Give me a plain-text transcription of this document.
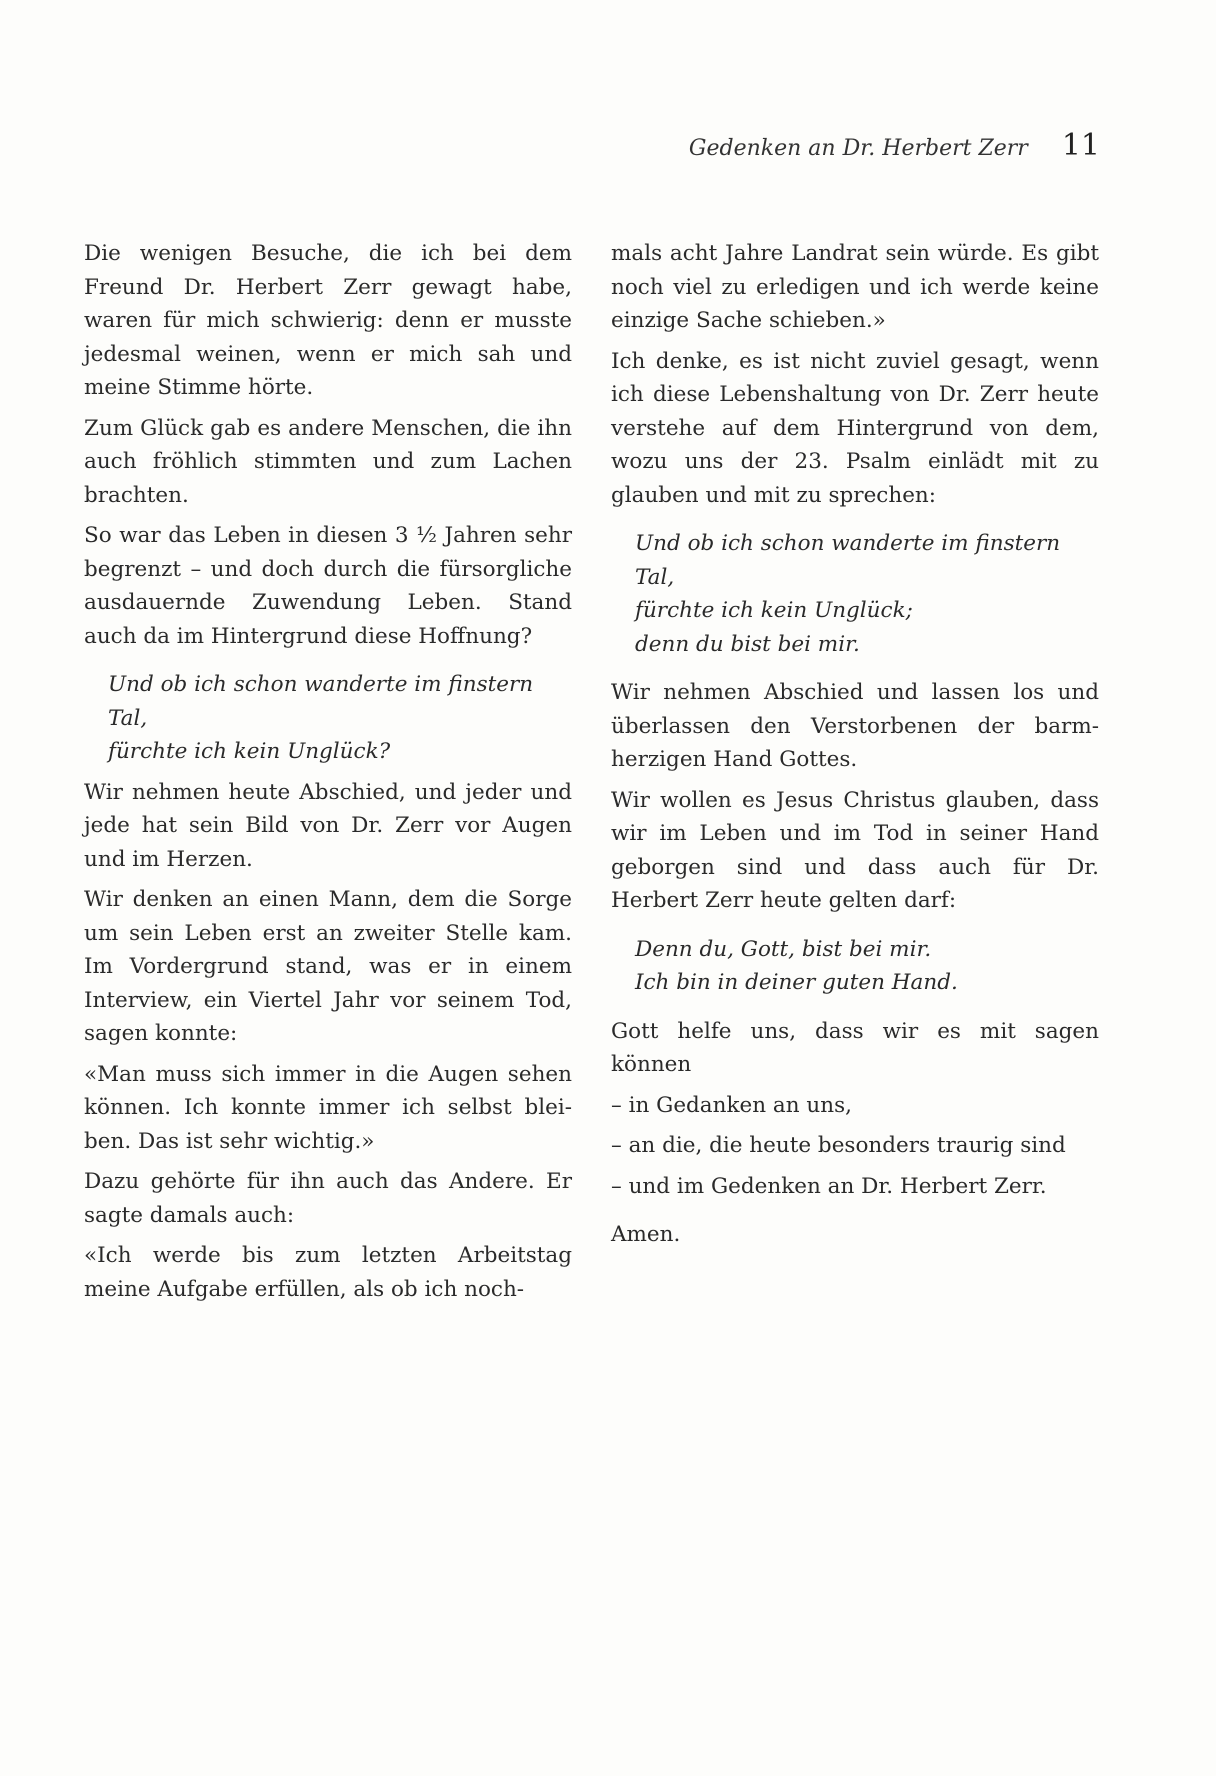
Gedenken an Dr. Herbert Zerr 11

Die wenigen Besuche, die ich bei dem Freund Dr. Herbert Zerr gewagt habe, waren für mich schwierig: denn er musste jedesmal weinen, wenn er mich sah und meine Stimme hörte.

Zum Glück gab es andere Menschen, die ihn auch fröhlich stimmten und zum Lachen brachten.

So war das Leben in diesen 3 ½ Jahren sehr begrenzt – und doch durch die fürsorgliche ausdauernde Zuwendung Leben. Stand auch da im Hintergrund diese Hoffnung?

Und ob ich schon wanderte im finstern Tal,

fürchte ich kein Unglück?

Wir nehmen heute Abschied, und jeder und jede hat sein Bild von Dr. Zerr vor Augen und im Herzen.

Wir denken an einen Mann, dem die Sorge um sein Leben erst an zweiter Stelle kam. Im Vordergrund stand, was er in einem Interview, ein Viertel Jahr vor seinem Tod, sagen konnte:

«Man muss sich immer in die Augen sehen können. Ich konnte immer ich selbst bleiben. Das ist sehr wichtig.»

Dazu gehörte für ihn auch das Andere. Er sagte damals auch:

«Ich werde bis zum letzten Arbeitstag meine Aufgabe erfüllen, als ob ich noch-

mals acht Jahre Landrat sein würde. Es gibt noch viel zu erledigen und ich werde keine einzige Sache schieben.»

Ich denke, es ist nicht zuviel gesagt, wenn ich diese Lebenshaltung von Dr. Zerr heute verstehe auf dem Hintergrund von dem, wozu uns der 23. Psalm einlädt mit zu glauben und mit zu sprechen:

Und ob ich schon wanderte im finstern Tal,

fürchte ich kein Unglück;

denn du bist bei mir.

Wir nehmen Abschied und lassen los und überlassen den Verstorbenen der barmherzigen Hand Gottes.

Wir wollen es Jesus Christus glauben, dass wir im Leben und im Tod in seiner Hand geborgen sind und dass auch für Dr. Herbert Zerr heute gelten darf:

Denn du, Gott, bist bei mir.

Ich bin in deiner guten Hand.

Gott helfe uns, dass wir es mit sagen können

– in Gedanken an uns,

– an die, die heute besonders traurig sind

– und im Gedenken an Dr. Herbert Zerr.

Amen.
